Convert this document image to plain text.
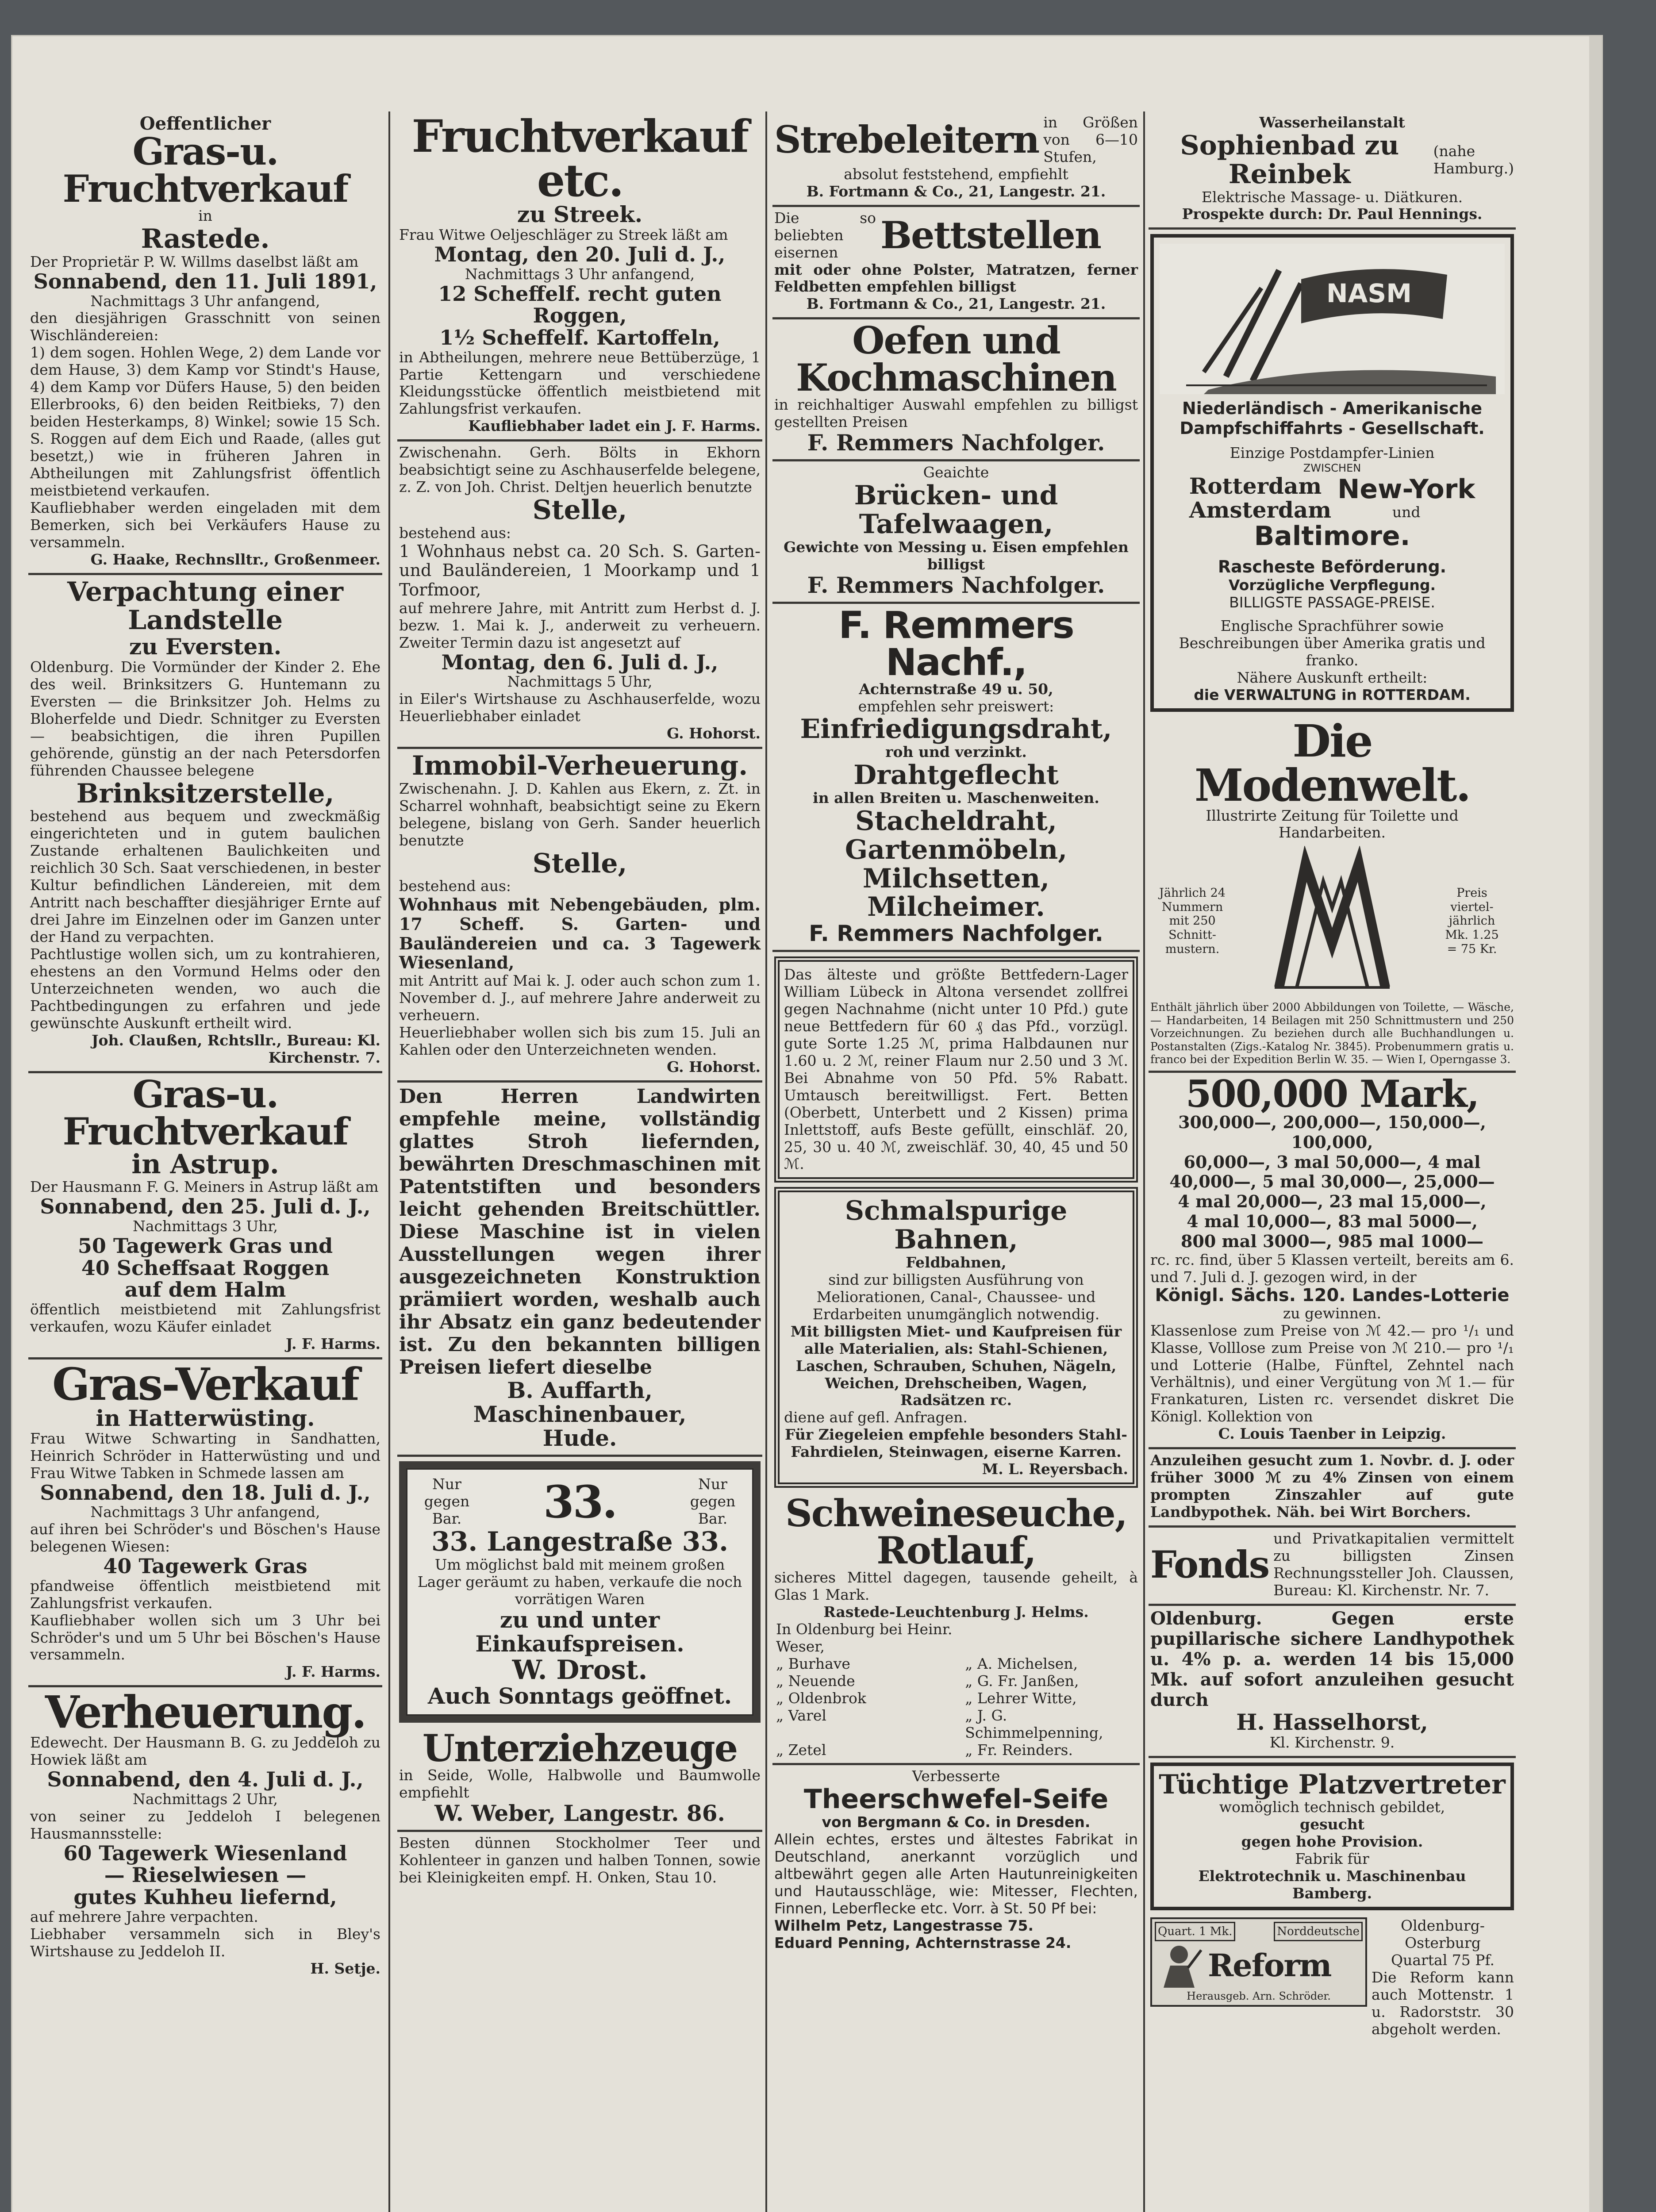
Oeffentlicher
Gras-u. Fruchtverkauf
in
Rastede.
Der Proprietär P. W. Willms daselbst läßt am
Sonnabend, den 11. Juli 1891,
Nachmittags 3 Uhr anfangend,
den diesjährigen Grasschnitt von seinen Wischländereien:
1) dem sogen. Hohlen Wege, 2) dem Lande vor dem Hause, 3) dem Kamp vor Stindt's Hause, 4) dem Kamp vor Düfers Hause, 5) den beiden Ellerbrooks, 6) den beiden Reitbieks, 7) den beiden Hesterkamps, 8) Winkel; sowie 15 Sch. S. Roggen auf dem Eich und Raade, (alles gut besetzt,) wie in früheren Jahren in Abtheilungen mit Zahlungsfrist öffentlich meistbietend verkaufen.
Kaufliebhaber werden eingeladen mit dem Bemerken, sich bei Verkäufers Hause zu versammeln.
G. Haake, Rechnslltr., Großenmeer.
Verpachtung einer Landstelle
zu Eversten.
Oldenburg. Die Vormünder der Kinder 2. Ehe des weil. Brinksitzers G. Huntemann zu Eversten — die Brinksitzer Joh. Helms zu Bloherfelde und Diedr. Schnitger zu Eversten — beabsichtigen, die ihren Pupillen gehörende, günstig an der nach Petersdorfen führenden Chaussee belegene
Brinksitzerstelle,
bestehend aus bequem und zweckmäßig eingerichteten und in gutem baulichen Zustande erhaltenen Baulichkeiten und reichlich 30 Sch. Saat verschiedenen, in bester Kultur befindlichen Ländereien, mit dem Antritt nach beschaffter diesjähriger Ernte auf drei Jahre im Einzelnen oder im Ganzen unter der Hand zu verpachten.
Pachtlustige wollen sich, um zu kontrahieren, ehestens an den Vormund Helms oder den Unterzeichneten wenden, wo auch die Pachtbedingungen zu erfahren und jede gewünschte Auskunft ertheilt wird.
Joh. Claußen, Rchtsllr., Bureau: Kl. Kirchenstr. 7.
Gras-u. Fruchtverkauf
in Astrup.
Der Hausmann F. G. Meiners in Astrup läßt am
Sonnabend, den 25. Juli d. J.,
Nachmittags 3 Uhr,
50 Tagewerk Gras und
40 Scheffsaat Roggen
auf dem Halm
öffentlich meistbietend mit Zahlungsfrist verkaufen, wozu Käufer einladet
J. F. Harms.
Gras-Verkauf
in Hatterwüsting.
Frau Witwe Schwarting in Sandhatten, Heinrich Schröder in Hatterwüsting und und Frau Witwe Tabken in Schmede lassen am
Sonnabend, den 18. Juli d. J.,
Nachmittags 3 Uhr anfangend,
auf ihren bei Schröder's und Böschen's Hause belegenen Wiesen:
40 Tagewerk Gras
pfandweise öffentlich meistbietend mit Zahlungsfrist verkaufen.
Kaufliebhaber wollen sich um 3 Uhr bei Schröder's und um 5 Uhr bei Böschen's Hause versammeln.
J. F. Harms.
Verheuerung.
Edewecht. Der Hausmann B. G. zu Jeddeloh zu Howiek läßt am
Sonnabend, den 4. Juli d. J.,
Nachmittags 2 Uhr,
von seiner zu Jeddeloh I belegenen Hausmannsstelle:
60 Tagewerk Wiesenland
— Rieselwiesen —
gutes Kuhheu liefernd,
auf mehrere Jahre verpachten.
Liebhaber versammeln sich in Bley's Wirtshause zu Jeddeloh II.
H. Setje.
Fruchtverkauf etc.
zu Streek.
Frau Witwe Oeljeschläger zu Streek läßt am
Montag, den 20. Juli d. J.,
Nachmittags 3 Uhr anfangend,
12 Scheffelf. recht guten Roggen,
1½ Scheffelf. Kartoffeln,
in Abtheilungen, mehrere neue Bettüberzüge, 1 Partie Kettengarn und verschiedene Kleidungsstücke öffentlich meistbietend mit Zahlungsfrist verkaufen.
Kaufliebhaber ladet ein J. F. Harms.
Zwischenahn. Gerh. Bölts in Ekhorn beabsichtigt seine zu Aschhauserfelde belegene, z. Z. von Joh. Christ. Deltjen heuerlich benutzte
Stelle,
bestehend aus:
1 Wohnhaus nebst ca. 20 Sch. S. Garten- und Bauländereien, 1 Moorkamp und 1 Torfmoor,
auf mehrere Jahre, mit Antritt zum Herbst d. J. bezw. 1. Mai k. J., anderweit zu verheuern. Zweiter Termin dazu ist angesetzt auf
Montag, den 6. Juli d. J.,
Nachmittags 5 Uhr,
in Eiler's Wirtshause zu Aschhauserfelde, wozu Heuerliebhaber einladet
G. Hohorst.
Immobil-Verheuerung.
Zwischenahn. J. D. Kahlen aus Ekern, z. Zt. in Scharrel wohnhaft, beabsichtigt seine zu Ekern belegene, bislang von Gerh. Sander heuerlich benutzte
Stelle,
bestehend aus:
Wohnhaus mit Nebengebäuden, plm. 17 Scheff. S. Garten- und Bauländereien und ca. 3 Tagewerk Wiesenland,
mit Antritt auf Mai k. J. oder auch schon zum 1. November d. J., auf mehrere Jahre anderweit zu verheuern.
Heuerliebhaber wollen sich bis zum 15. Juli an Kahlen oder den Unterzeichneten wenden.
G. Hohorst.
Den Herren Landwirten empfehle meine, vollständig glattes Stroh liefernden, bewährten Dreschmaschinen mit Patentstiften und besonders leicht gehenden Breitschüttler. Diese Maschine ist in vielen Ausstellungen wegen ihrer ausgezeichneten Konstruktion prämiiert worden, weshalb auch ihr Absatz ein ganz bedeutender ist. Zu den bekannten billigen Preisen liefert dieselbe
B. Auffarth, Maschinenbauer,
Hude.
Nur gegen Bar.	33.	Nur gegen Bar.
33. Langestraße 33.
Um möglichst bald mit meinem großen Lager geräumt zu haben, verkaufe die noch vorrätigen Waren
zu und unter
Einkaufspreisen.
W. Drost.
Auch Sonntags geöffnet.
Unterziehzeuge
in Seide, Wolle, Halbwolle und Baumwolle empfiehlt
W. Weber, Langestr. 86.
Besten dünnen Stockholmer Teer und Kohlenteer in ganzen und halben Tonnen, sowie bei Kleinigkeiten empf. H. Onken, Stau 10.
Strebeleitern in Größen von 6—10 Stufen,
absolut feststehend, empfiehlt
B. Fortmann & Co., 21, Langestr. 21.
Die so beliebten eisernen	Bettstellen
mit oder ohne Polster, Matratzen, ferner Feldbetten empfehlen billigst
B. Fortmann & Co., 21, Langestr. 21.
Oefen und Kochmaschinen
in reichhaltiger Auswahl empfehlen zu billigst gestellten Preisen
F. Remmers Nachfolger.
Geaichte
Brücken- und Tafelwaagen,
Gewichte von Messing u. Eisen empfehlen billigst
F. Remmers Nachfolger.
F. Remmers Nachf.,
Achternstraße 49 u. 50,
empfehlen sehr preiswert:
Einfriedigungsdraht,
roh und verzinkt.
Drahtgeflecht
in allen Breiten u. Maschenweiten.
Stacheldraht,
Gartenmöbeln,
Milchsetten,
Milcheimer.
F. Remmers Nachfolger.
Das älteste und größte Bettfedern-Lager William Lübeck in Altona versendet zollfrei gegen Nachnahme (nicht unter 10 Pfd.) gute neue Bettfedern für 60 ₰ das Pfd., vorzügl. gute Sorte 1.25 ℳ, prima Halbdaunen nur 1.60 u. 2 ℳ, reiner Flaum nur 2.50 und 3 ℳ. Bei Abnahme von 50 Pfd. 5% Rabatt. Umtausch bereitwilligst. Fert. Betten (Oberbett, Unterbett und 2 Kissen) prima Inlettstoff, aufs Beste gefüllt, einschläf. 20, 25, 30 u. 40 ℳ, zweischläf. 30, 40, 45 und 50 ℳ.
Schmalspurige Bahnen,
Feldbahnen,
sind zur billigsten Ausführung von Meliorationen, Canal-, Chaussee- und Erdarbeiten unumgänglich notwendig.
Mit billigsten Miet- und Kaufpreisen für alle Materialien, als: Stahl-Schienen, Laschen, Schrauben, Schuhen, Nägeln, Weichen, Drehscheiben, Wagen, Radsätzen rc.
diene auf gefl. Anfragen.
Für Ziegeleien empfehle besonders Stahl-Fahrdielen, Steinwagen, eiserne Karren.
M. L. Reyersbach.
Schweineseuche,
Rotlauf,
sicheres Mittel dagegen, tausende geheilt, à Glas 1 Mark.
Rastede-Leuchtenburg J. Helms.
In Oldenburg bei Heinr. Weser,	
„ Burhave	„ A. Michelsen,
„ Neuende	„ G. Fr. Janßen,
„ Oldenbrok	„ Lehrer Witte,
„ Varel	„ J. G. Schimmelpenning,
„ Zetel	„ Fr. Reinders.
Verbesserte
Theerschwefel-Seife
von Bergmann & Co. in Dresden.
Allein echtes, erstes und ältestes Fabrikat in Deutschland, anerkannt vorzüglich und altbewährt gegen alle Arten Hautunreinigkeiten und Hautausschläge, wie: Mitesser, Flechten, Finnen, Leberflecke etc. Vorr. à St. 50 Pf bei:
Wilhelm Petz, Langestrasse 75.
Eduard Penning, Achternstrasse 24.
Wasserheilanstalt
Sophienbad zu Reinbek
(nahe Hamburg.)
Elektrische Massage- u. Diätkuren.
Prospekte durch: Dr. Paul Hennings.
NASM
Niederländisch - Amerikanische
Dampfschiffahrts - Gesellschaft.
Einzige Postdampfer-Linien
ZWISCHEN
Rotterdam
Amsterdam
New-York
und
Baltimore.
Rascheste Beförderung.
Vorzügliche Verpflegung.
BILLIGSTE PASSAGE-PREISE.
Englische Sprachführer sowie Beschreibungen über Amerika gratis und franko.
Nähere Auskunft ertheilt:
die VERWALTUNG in ROTTERDAM.
Die Modenwelt.
Illustrirte Zeitung für Toilette und Handarbeiten.
Jährlich 24
Nummern
mit 250
Schnitt-
mustern.
Preis
viertel-
jährlich
Mk. 1.25
= 75 Kr.
Enthält jährlich über 2000 Abbildungen von Toilette, — Wäsche, — Handarbeiten, 14 Beilagen mit 250 Schnittmustern und 250 Vorzeichnungen. Zu beziehen durch alle Buchhandlungen u. Postanstalten (Zigs.-Katalog Nr. 3845). Probenummern gratis u. franco bei der Expedition Berlin W. 35. — Wien I, Operngasse 3.
500,000 Mark,
300,000—, 200,000—, 150,000—,
100,000,
60,000—, 3 mal 50,000—, 4 mal
40,000—, 5 mal 30,000—, 25,000—
4 mal 20,000—, 23 mal 15,000—,
4 mal 10,000—, 83 mal 5000—,
800 mal 3000—, 985 mal 1000—
rc. rc. find, über 5 Klassen verteilt, bereits am 6. und 7. Juli d. J. gezogen wird, in der
Königl. Sächs. 120. Landes-Lotterie
zu gewinnen.
Klassenlose zum Preise von ℳ 42.— pro ¹/₁ und Klasse, Volllose zum Preise von ℳ 210.— pro ¹/₁ und Lotterie (Halbe, Fünftel, Zehntel nach Verhältnis), und einer Vergütung von ℳ 1.— für Frankaturen, Listen rc. versendet diskret Die Königl. Kollektion von
C. Louis Taenber in Leipzig.
Anzuleihen gesucht zum 1. Novbr. d. J. oder früher 3000 ℳ zu 4% Zinsen von einem prompten Zinszahler auf gute Landbypothek. Näh. bei Wirt Borchers.
Fonds
und Privatkapitalien vermittelt zu billigsten Zinsen Rechnungssteller Joh. Claussen, Bureau: Kl. Kirchenstr. Nr. 7.
Oldenburg. Gegen erste pupillarische sichere Landhypothek u. 4% p. a. werden 14 bis 15,000 Mk. auf sofort anzuleihen gesucht durch
H. Hasselhorst,
Kl. Kirchenstr. 9.
Tüchtige Platzvertreter
womöglich technisch gebildet,
gesucht
gegen hohe Provision.
Fabrik für
Elektrotechnik u. Maschinenbau Bamberg.
Quart. 1 Mk.	Norddeutsche
Reform
Herausgeb. Arn. Schröder.
Oldenburg-Osterburg
Quartal 75 Pf.
Die Reform kann auch Mottenstr. 1 u. Radorststr. 30 abgeholt werden.
